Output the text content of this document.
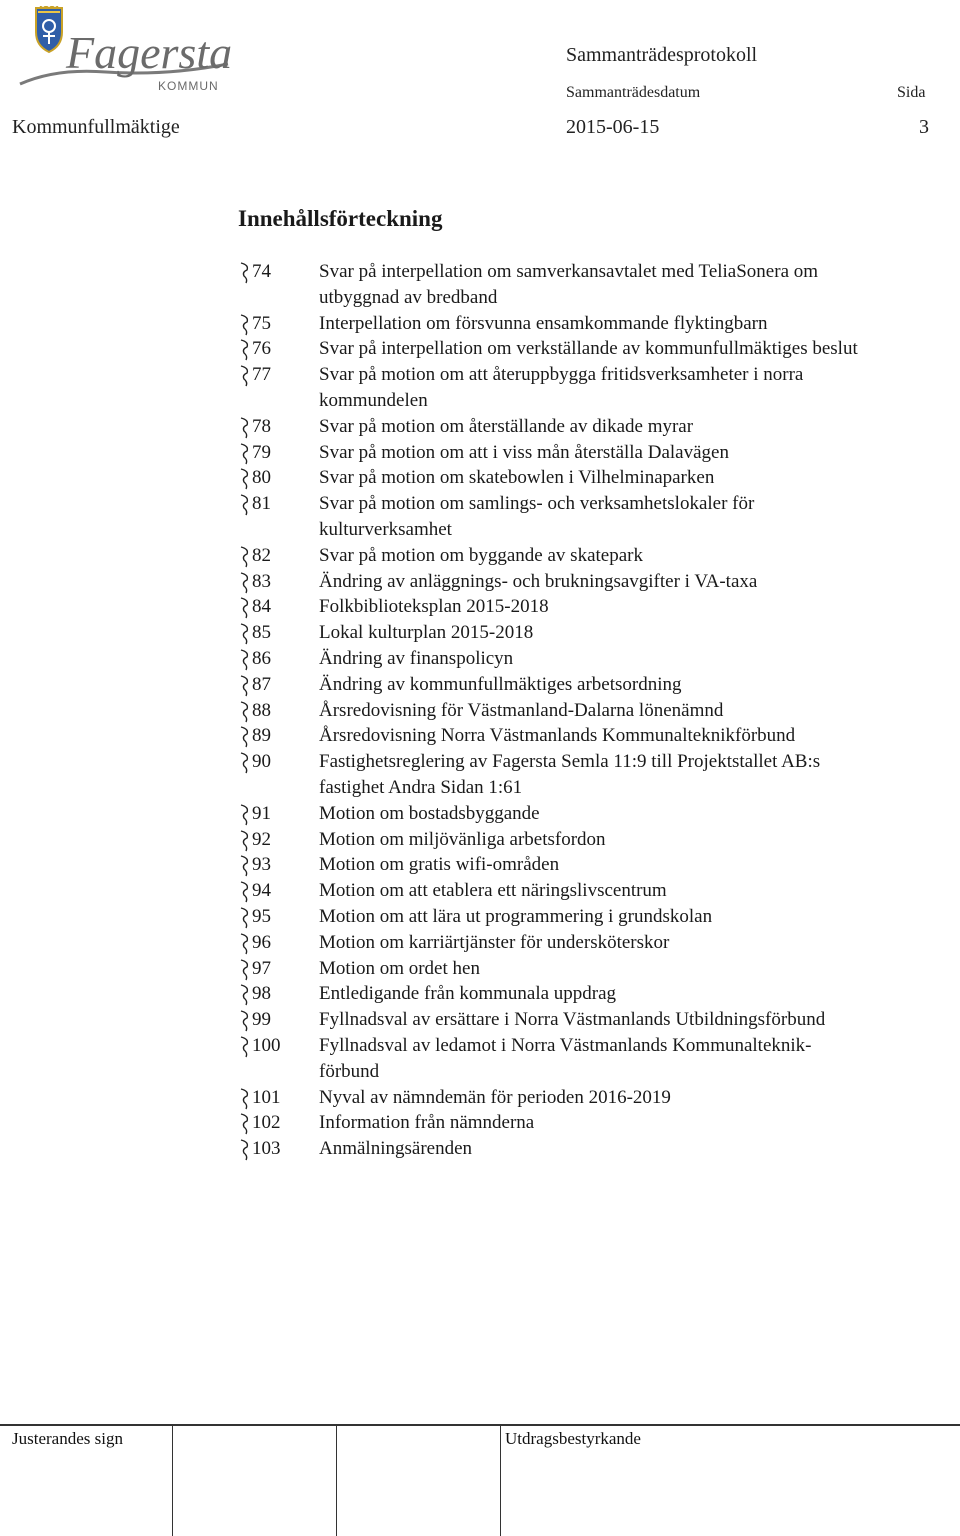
Fagersta
KOMMUN
Sammanträdesprotokoll
Sammanträdesdatum	Sida
Kommunfullmäktige	2015-06-15	3
Innehållsförteckning
74	Svar på interpellation om samverkansavtalet med TeliaSonera om
utbyggnad av bredband
75	Interpellation om försvunna ensamkommande flyktingbarn
76	Svar på interpellation om verkställande av kommunfullmäktiges beslut
77	Svar på motion om att återuppbygga fritidsverksamheter i norra
kommundelen
78	Svar på motion om återställande av dikade myrar
79	Svar på motion om att i viss mån återställa Dalavägen
80	Svar på motion om skatebowlen i Vilhelminaparken
81	Svar på motion om samlings- och verksamhetslokaler för
kulturverksamhet
82	Svar på motion om byggande av skatepark
83	Ändring av anläggnings- och brukningsavgifter i VA-taxa
84	Folkbiblioteksplan 2015-2018
85	Lokal kulturplan 2015-2018
86	Ändring av finanspolicyn
87	Ändring av kommunfullmäktiges arbetsordning
88	Årsredovisning för Västmanland-Dalarna lönenämnd
89	Årsredovisning Norra Västmanlands Kommunalteknikförbund
90	Fastighetsreglering av Fagersta Semla 11:9 till Projektstallet AB:s
fastighet Andra Sidan 1:61
91	Motion om bostadsbyggande
92	Motion om miljövänliga arbetsfordon
93	Motion om gratis wifi-områden
94	Motion om att etablera ett näringslivscentrum
95	Motion om att lära ut programmering i grundskolan
96	Motion om karriärtjänster för undersköterskor
97	Motion om ordet hen
98	Entledigande från kommunala uppdrag
99	Fyllnadsval av ersättare i Norra Västmanlands Utbildningsförbund
100 Fyllnadsval av ledamot i Norra Västmanlands Kommunalteknik-
förbund
101 Nyval av nämndemän för perioden 2016-2019
102 Information från nämnderna
103 Anmälningsärenden
Justerandes sign	Utdragsbestyrkande
